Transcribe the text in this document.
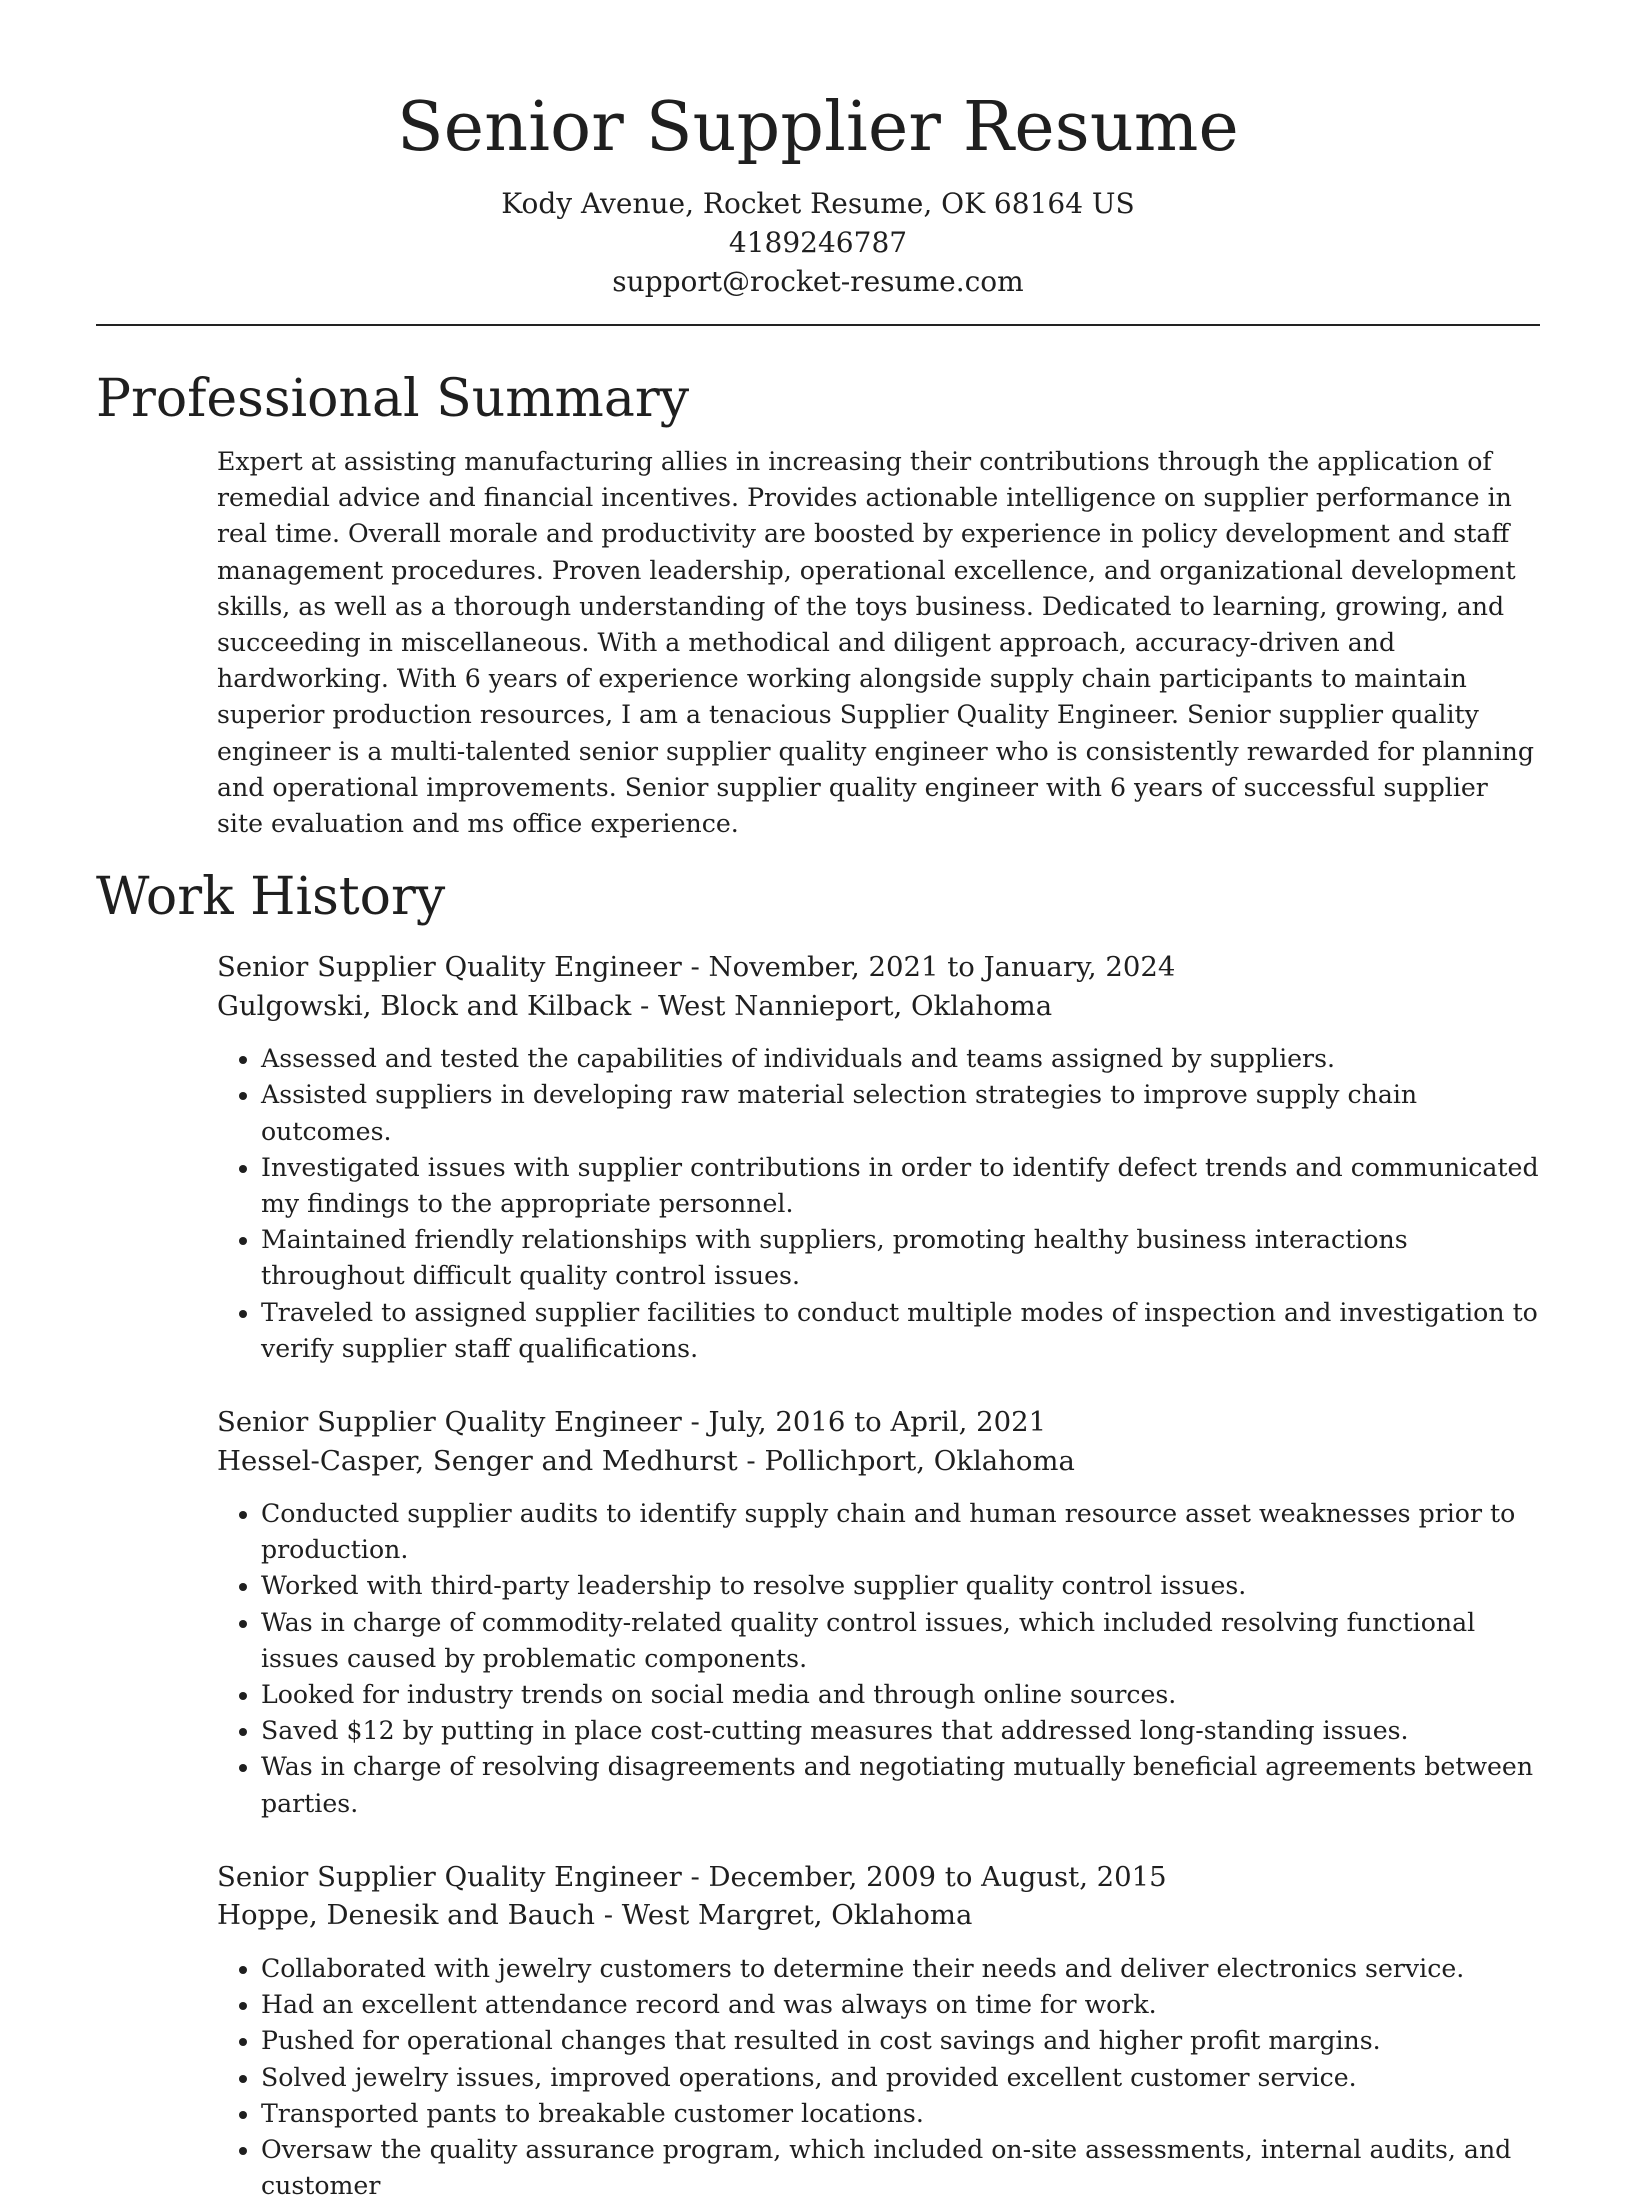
Senior Supplier Resume
Kody Avenue, Rocket Resume, OK 68164 US
4189246787
support@rocket-resume.com
Professional Summary

Expert at assisting manufacturing allies in increasing their contributions through the application of remedial advice and financial incentives. Provides actionable intelligence on supplier performance in real time. Overall morale and productivity are boosted by experience in policy development and staff management procedures. Proven leadership, operational excellence, and organizational development skills, as well as a thorough understanding of the toys business. Dedicated to learning, growing, and succeeding in miscellaneous. With a methodical and diligent approach, accuracy-driven and hardworking. With 6 years of experience working alongside supply chain participants to maintain superior production resources, I am a tenacious Supplier Quality Engineer. Senior supplier quality engineer is a multi-talented senior supplier quality engineer who is consistently rewarded for planning and operational improvements. Senior supplier quality engineer with 6 years of successful supplier site evaluation and ms office experience.

Work History
Senior Supplier Quality Engineer - November, 2021 to January, 2024
Gulgowski, Block and Kilback - West Nannieport, Oklahoma
• Assessed and tested the capabilities of individuals and teams assigned by suppliers.
• Assisted suppliers in developing raw material selection strategies to improve supply chain outcomes.
• Investigated issues with supplier contributions in order to identify defect trends and communicated my findings to the appropriate personnel.
• Maintained friendly relationships with suppliers, promoting healthy business interactions throughout difficult quality control issues.
• Traveled to assigned supplier facilities to conduct multiple modes of inspection and investigation to verify supplier staff qualifications.
Senior Supplier Quality Engineer - July, 2016 to April, 2021
Hessel-Casper, Senger and Medhurst - Pollichport, Oklahoma
• Conducted supplier audits to identify supply chain and human resource asset weaknesses prior to production.
• Worked with third-party leadership to resolve supplier quality control issues.
• Was in charge of commodity-related quality control issues, which included resolving functional issues caused by problematic components.
• Looked for industry trends on social media and through online sources.
• Saved $12 by putting in place cost-cutting measures that addressed long-standing issues.
• Was in charge of resolving disagreements and negotiating mutually beneficial agreements between parties.
Senior Supplier Quality Engineer - December, 2009 to August, 2015
Hoppe, Denesik and Bauch - West Margret, Oklahoma
• Collaborated with jewelry customers to determine their needs and deliver electronics service.
• Had an excellent attendance record and was always on time for work.
• Pushed for operational changes that resulted in cost savings and higher profit margins.
• Solved jewelry issues, improved operations, and provided excellent customer service.
• Transported pants to breakable customer locations.
• Oversaw the quality assurance program, which included on-site assessments, internal audits, and customer
